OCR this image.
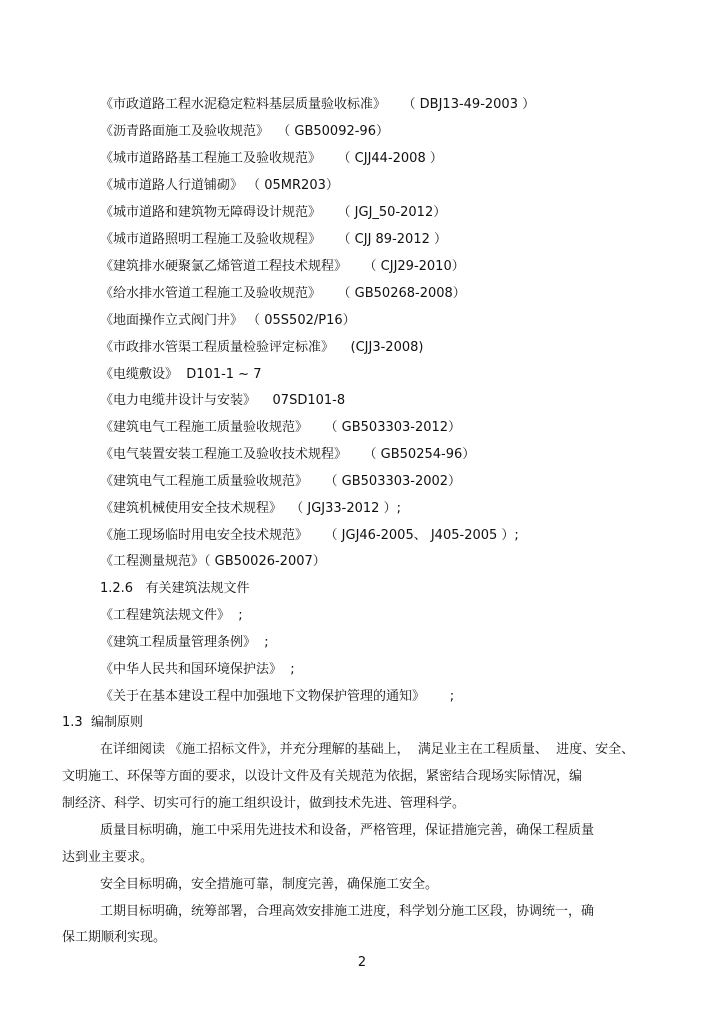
《市政道路工程水泥稳定粒料基层质量验收标准》    （ DBJ13-49-2003 ）
《沥青路面施工及验收规范》  （ GB50092-96）
《城市道路路基工程施工及验收规范》    （ CJJ44-2008 ）
《城市道路人行道铺砌》 （ 05MR203）
《城市道路和建筑物无障碍设计规范》    （ JGJ_50-2012）
《城市道路照明工程施工及验收规程》    （ CJJ 89-2012 ）
《建筑排水硬聚氯乙烯管道工程技术规程》    （ CJJ29-2010）
《给水排水管道工程施工及验收规范》    （ GB50268-2008）
《地面操作立式阀门井》 （ 05S502/P16）
《市政排水管渠工程质量检验评定标准》    (CJJ3-2008)
《电缆敷设》  D101-1 ~ 7
《电力电缆井设计与安装》    07SD101-8
《建筑电气工程施工质量验收规范》    （ GB503303-2012）
《电气装置安装工程施工及验收技术规程》    （ GB50254-96）
《建筑电气工程施工质量验收规范》    （ GB503303-2002）
《建筑机械使用安全技术规程》  （ JGJ33-2012 ）;
《施工现场临时用电安全技术规范》    （ JGJ46-2005、 J405-2005 ）;
《工程测量规范》（ GB50026-2007）
1.2.6   有关建筑法规文件
《工程建筑法规文件》  ;
《建筑工程质量管理条例》  ;
《中华人民共和国环境保护法》  ;
《关于在基本建设工程中加强地下文物保护管理的通知》      ;
1.3  编制原则
在详细阅读 《施工招标文件》，并充分理解的基础上，  满足业主在工程质量、  进度、安全、
文明施工、环保等方面的要求，以设计文件及有关规范为依据，紧密结合现场实际情况，编
制经济、科学、切实可行的施工组织设计，做到技术先进、管理科学。
质量目标明确，施工中采用先进技术和设备，严格管理，保证措施完善，确保工程质量
达到业主要求。
安全目标明确，安全措施可靠，制度完善，确保施工安全。
工期目标明确，统筹部署，合理高效安排施工进度，科学划分施工区段，协调统一，确
保工期顺利实现。
2
